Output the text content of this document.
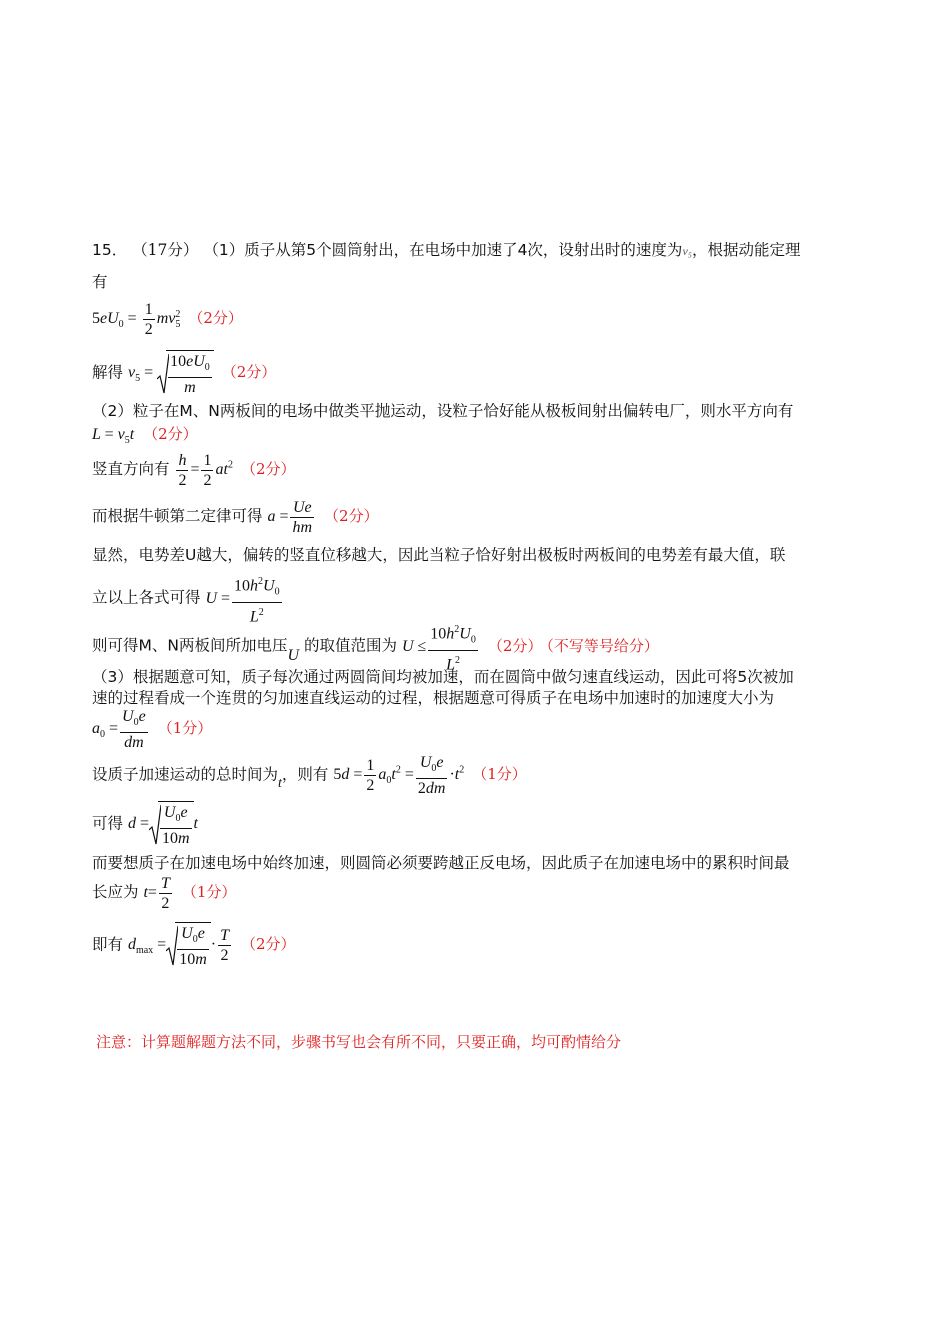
15． （17分） （1）质子从第5个圆筒射出，在电场中加速了4次，设射出时的速度为v₅，根据动能定理
有
$5eU_0 = \frac{1}{2}$ mv 2
5 （2分）
解得 $v_5 = \frac{10eU_0}{m} (2$分）
（2）粒子在M、N两板间的电场中做类平抛运动，设粒子恰好能从极板间射出偏转电厂，则水平方向有
$L = v_5t$ （2分）
竖直方向有 $\frac{h}{2} = \frac{1}{2} at^2$ （2分）
而根据牛顿第二定律可得 $a = \frac{Ue}{hm} (2$分）
显然，电势差U越大，偏转的竖直位移越大，因此当粒子恰好射出极板时两板间的电势差有最大值，联
立以上各式可得 $U = \frac{10h^2U_0}{L^2}$
则可得M、N两板间所加电压U 的取值范围为 $U \le \frac{10h^2U_0}{L^2} (2$分） （不写等号给分）
（3）根据题意可知，质子每次通过两圆筒间均被加速，而在圆筒中做匀速直线运动，因此可将5次被加
速的过程看成一个连贯的匀加速直线运动的过程，根据题意可得质子在电场中加速时的加速度大小为
$a_0 = \frac{U_0e}{dm} (1$分）
设质子加速运动的总时间为t，则有 $5d = \frac{1}{2} a_0t^2 = \frac{U_0e}{2dm} \cdot t^2$ （1分）
可得 $d = \frac{U_0e}{10m}$ t
而要想质子在加速电场中始终加速，则圆筒必须要跨越正反电场，因此质子在加速电场中的累积时间最
长应为 $t= \frac{T}{2} (1$分）
即有 $d_{max} = \frac{U_0e}{10m} \cdot \frac{T}{2} (2$分）
注意：计算题解题方法不同，步骤书写也会有所不同，只要正确，均可酌情给分
